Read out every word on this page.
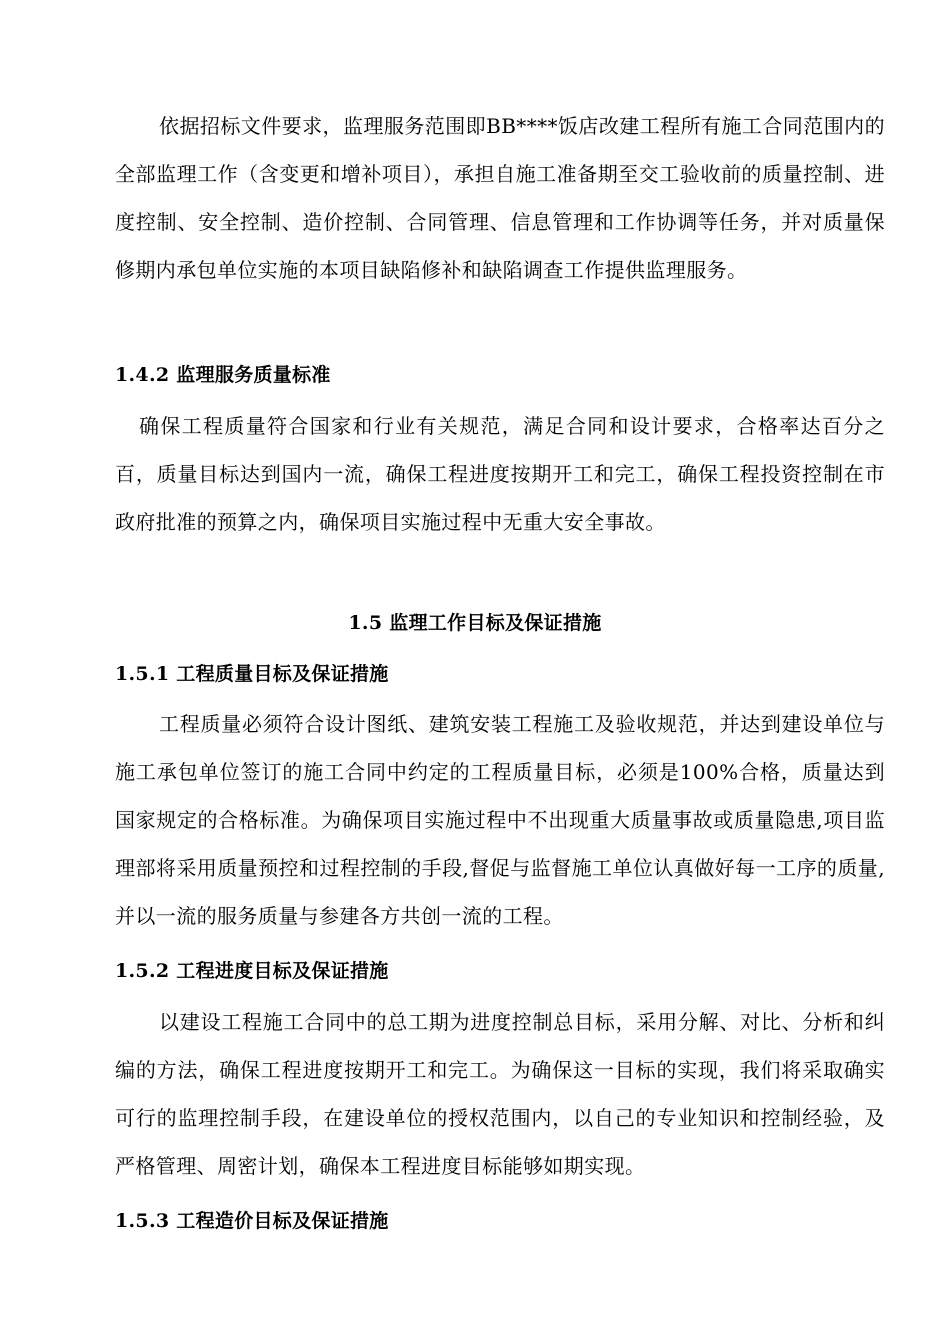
依据招标文件要求，监理服务范围即BB****饭店改建工程所有施工合同范围内的全部监理工作（含变更和增补项目），承担自施工准备期至交工验收前的质量控制、进度控制、安全控制、造价控制、合同管理、信息管理和工作协调等任务，并对质量保修期内承包单位实施的本项目缺陷修补和缺陷调查工作提供监理服务。

1.4.2 监理服务质量标准

确保工程质量符合国家和行业有关规范，满足合同和设计要求，合格率达百分之百，质量目标达到国内一流，确保工程进度按期开工和完工，确保工程投资控制在市政府批准的预算之内，确保项目实施过程中无重大安全事故。

1.5 监理工作目标及保证措施
1.5.1 工程质量目标及保证措施

工程质量必须符合设计图纸、建筑安装工程施工及验收规范，并达到建设单位与施工承包单位签订的施工合同中约定的工程质量目标，必须是100%合格，质量达到国家规定的合格标准。为确保项目实施过程中不出现重大质量事故或质量隐患,项目监理部将采用质量预控和过程控制的手段,督促与监督施工单位认真做好每一工序的质量,并以一流的服务质量与参建各方共创一流的工程。

1.5.2 工程进度目标及保证措施

以建设工程施工合同中的总工期为进度控制总目标，采用分解、对比、分析和纠编的方法，确保工程进度按期开工和完工。为确保这一目标的实现，我们将采取确实可行的监理控制手段，在建设单位的授权范围内，以自己的专业知识和控制经验，及严格管理、周密计划，确保本工程进度目标能够如期实现。

1.5.3 工程造价目标及保证措施
